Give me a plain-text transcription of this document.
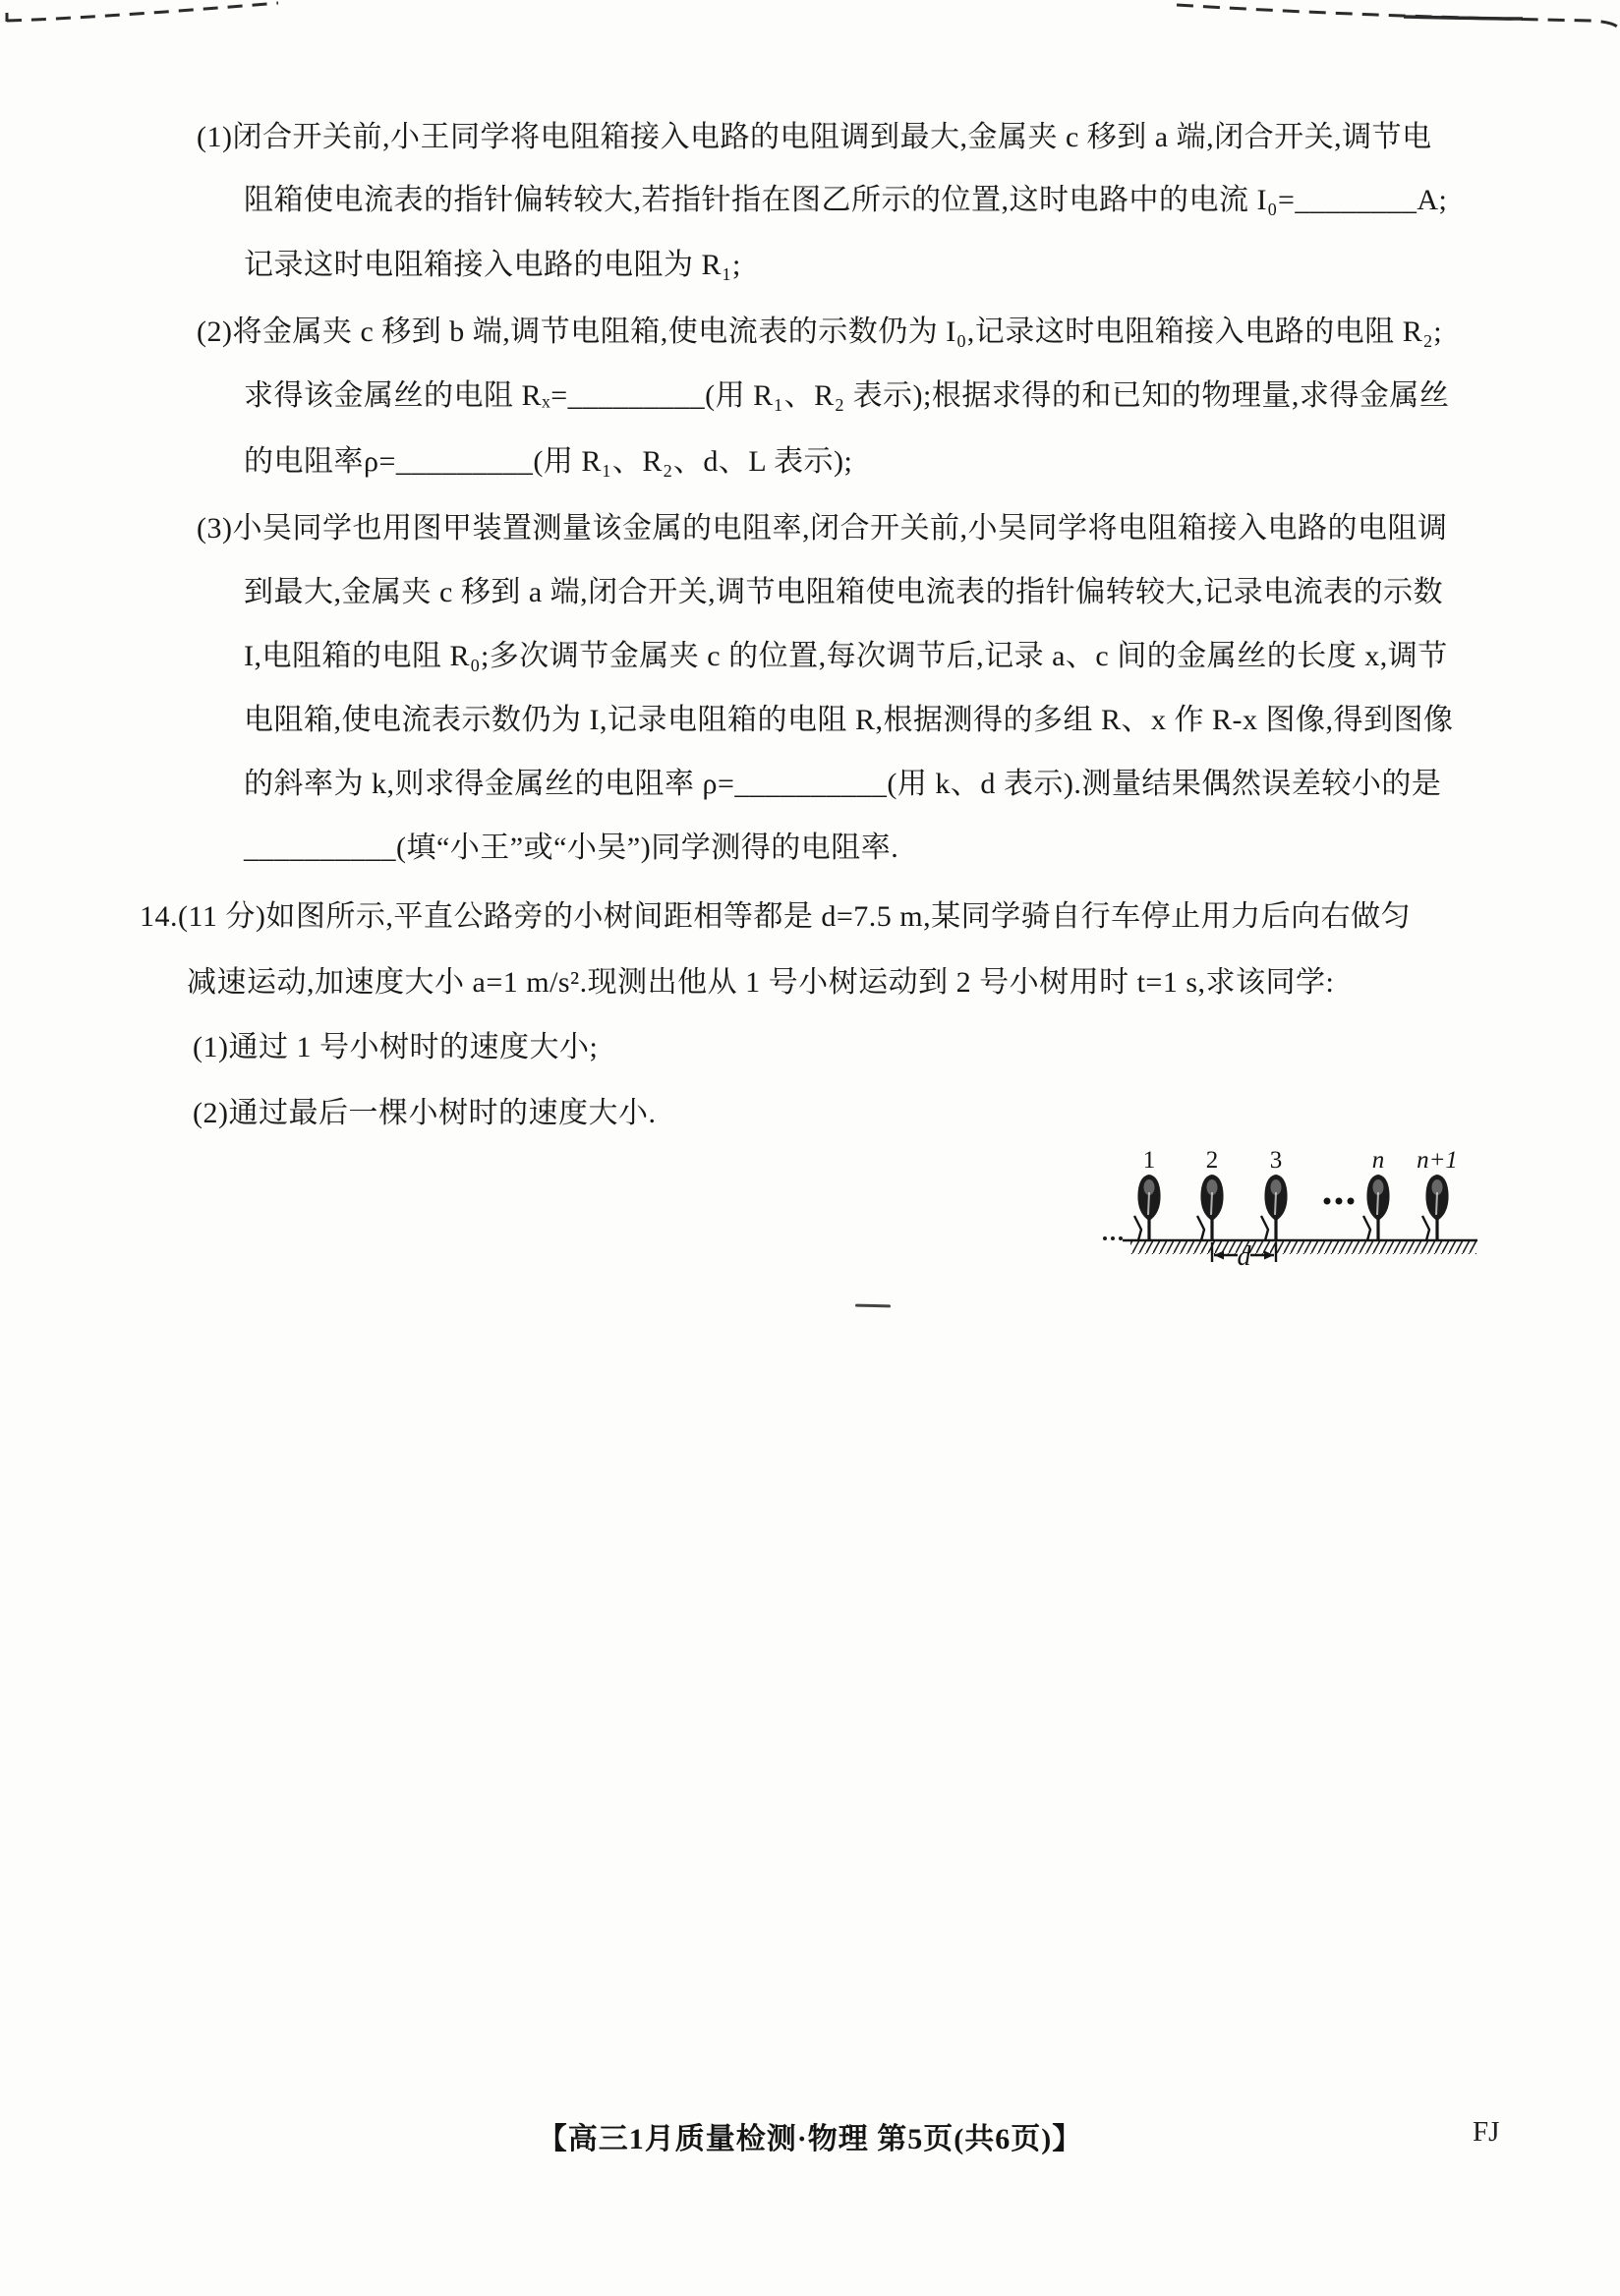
(1)闭合开关前,小王同学将电阻箱接入电路的电阻调到最大,金属夹 c 移到 a 端,闭合开关,调节电
阻箱使电流表的指针偏转较大,若指针指在图乙所示的位置,这时电路中的电流 I₀=________A;
记录这时电阻箱接入电路的电阻为 R₁;
(2)将金属夹 c 移到 b 端,调节电阻箱,使电流表的示数仍为 I₀,记录这时电阻箱接入电路的电阻 R₂;
求得该金属丝的电阻 Rₓ=_________(用 R₁、R₂ 表示);根据求得的和已知的物理量,求得金属丝
的电阻率ρ=_________(用 R₁、R₂、d、L 表示);
(3)小吴同学也用图甲装置测量该金属的电阻率,闭合开关前,小吴同学将电阻箱接入电路的电阻调
到最大,金属夹 c 移到 a 端,闭合开关,调节电阻箱使电流表的指针偏转较大,记录电流表的示数
I,电阻箱的电阻 R₀;多次调节金属夹 c 的位置,每次调节后,记录 a、c 间的金属丝的长度 x,调节
电阻箱,使电流表示数仍为 I,记录电阻箱的电阻 R,根据测得的多组 R、x 作 R-x 图像,得到图像
的斜率为 k,则求得金属丝的电阻率 ρ=__________(用 k、d 表示).测量结果偶然误差较小的是
__________(填“小王”或“小吴”)同学测得的电阻率.
14.(11 分)如图所示,平直公路旁的小树间距相等都是 d=7.5 m,某同学骑自行车停止用力后向右做匀
减速运动,加速度大小 a=1 m/s².现测出他从 1 号小树运动到 2 号小树用时 t=1 s,求该同学:
(1)通过 1 号小树时的速度大小;
(2)通过最后一棵小树时的速度大小.
1 2 3	n n+1
d
【高三1月质量检测·物理 第5页(共6页)】	FJ
